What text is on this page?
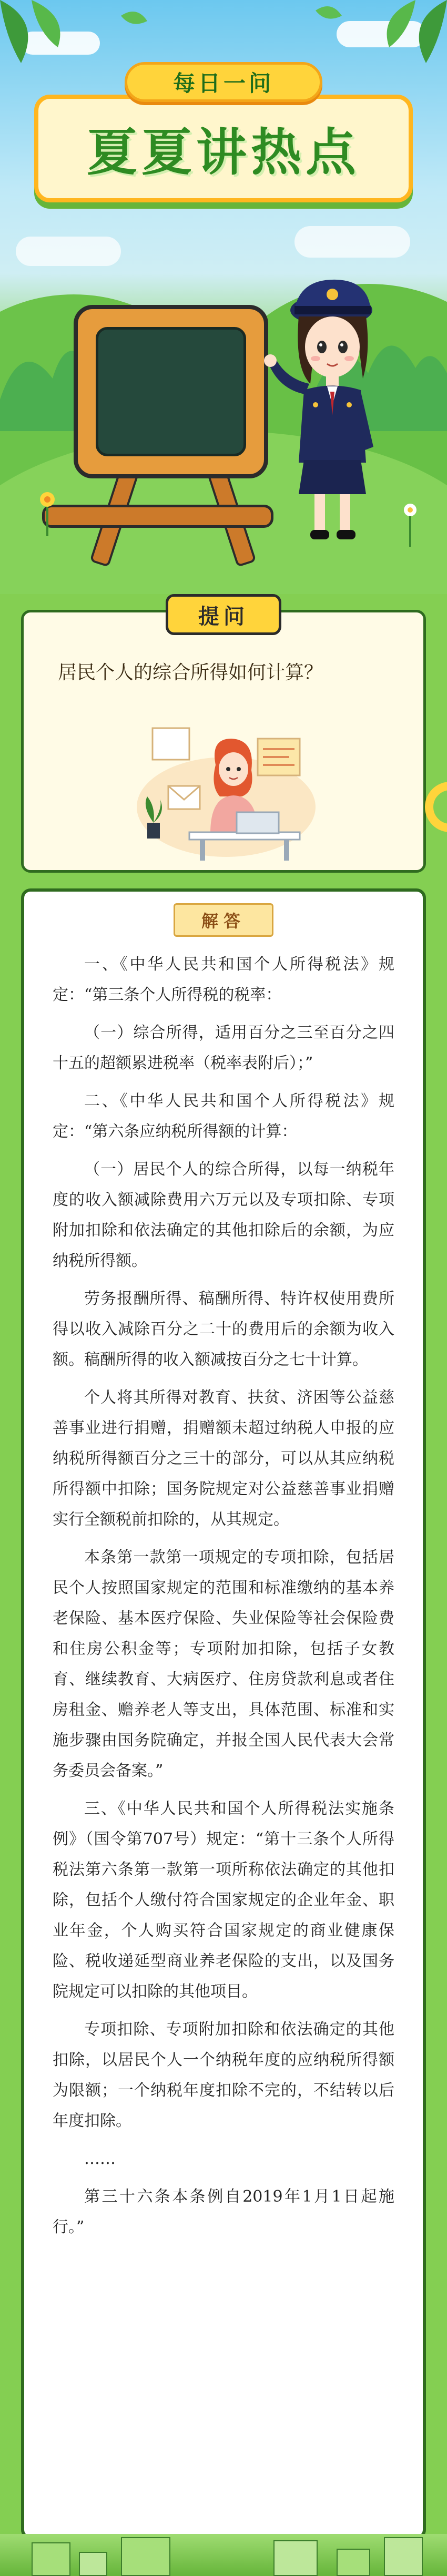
夏夏讲热点
每日一问
提问
居民个人的综合所得如何计算？
解答

一、《中华人民共和国个人所得税法》规定：“第三条个人所得税的税率：

（一）综合所得，适用百分之三至百分之四十五的超额累进税率（税率表附后）；”

二、《中华人民共和国个人所得税法》规定：“第六条应纳税所得额的计算：

（一）居民个人的综合所得，以每一纳税年度的收入额减除费用六万元以及专项扣除、专项附加扣除和依法确定的其他扣除后的余额，为应纳税所得额。

劳务报酬所得、稿酬所得、特许权使用费所得以收入减除百分之二十的费用后的余额为收入额。稿酬所得的收入额减按百分之七十计算。

个人将其所得对教育、扶贫、济困等公益慈善事业进行捐赠，捐赠额未超过纳税人申报的应纳税所得额百分之三十的部分，可以从其应纳税所得额中扣除；国务院规定对公益慈善事业捐赠实行全额税前扣除的，从其规定。

本条第一款第一项规定的专项扣除，包括居民个人按照国家规定的范围和标准缴纳的基本养老保险、基本医疗保险、失业保险等社会保险费和住房公积金等；专项附加扣除，包括子女教育、继续教育、大病医疗、住房贷款利息或者住房租金、赡养老人等支出，具体范围、标准和实施步骤由国务院确定，并报全国人民代表大会常务委员会备案。”

三、《中华人民共和国个人所得税法实施条例》（国令第707号）规定：“第十三条个人所得税法第六条第一款第一项所称依法确定的其他扣除，包括个人缴付符合国家规定的企业年金、职业年金，个人购买符合国家规定的商业健康保险、税收递延型商业养老保险的支出，以及国务院规定可以扣除的其他项目。

专项扣除、专项附加扣除和依法确定的其他扣除，以居民个人一个纳税年度的应纳税所得额为限额；一个纳税年度扣除不完的，不结转以后年度扣除。

……

第三十六条本条例自2019年1月1日起施行。”
